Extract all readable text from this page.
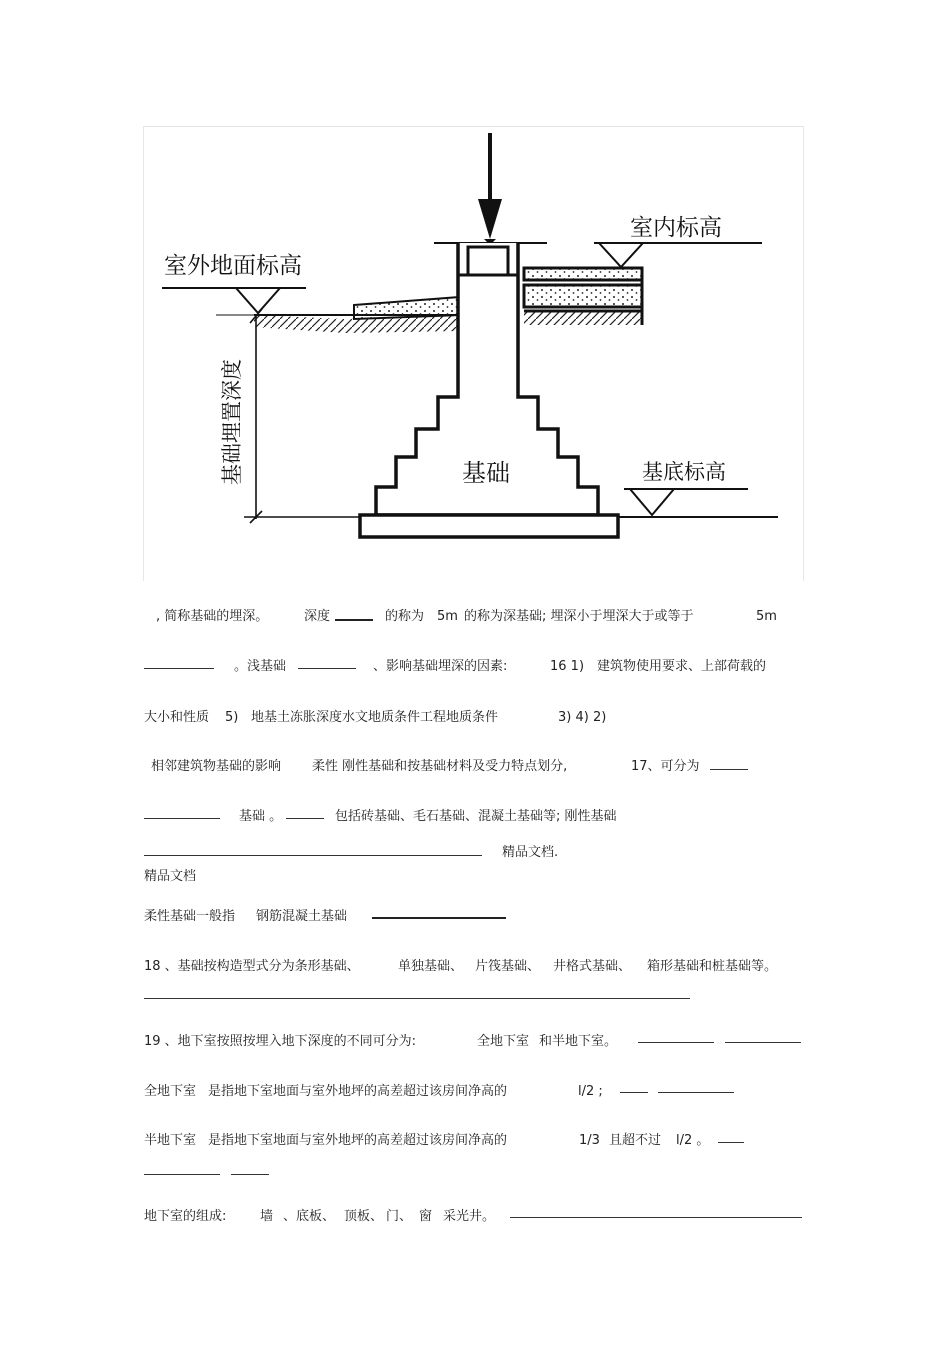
室内标高
室外地面标高
基础埋置深度	基础	基底标高
, 简称基础的埋深。	深度	的称为 5m 的称为深基础; 埋深小于埋深大于或等于	5m
。浅基础	、影响基础埋深的因素:	16 1) 建筑物使用要求、上部荷载的
大小和性质 5) 地基土冻胀深度水文地质条件工程地质条件	3) 4) 2)
相邻建筑物基础的影响 柔性 刚性基础和按基础材料及受力特点划分,	17、可分为
基础 。	包括砖基础、毛石基础、混凝土基础等; 刚性基础
精品文档.
精品文档
柔性基础一般指 钢筋混凝土基础
18 、基础按构造型式分为条形基础、	单独基础、 片筏基础、 井格式基础、 箱形基础和桩基础等。
19 、地下室按照按埋入地下深度的不同可分为:	全地下室 和半地下室。
全地下室 是指地下室地面与室外地坪的高差超过该房间净高的	l/2 ;
半地下室 是指地下室地面与室外地坪的高差超过该房间净高的	1/3 且超不过 l/2 。
地下室的组成:	墙 、底板、 顶板、 门、 窗 采光井。
